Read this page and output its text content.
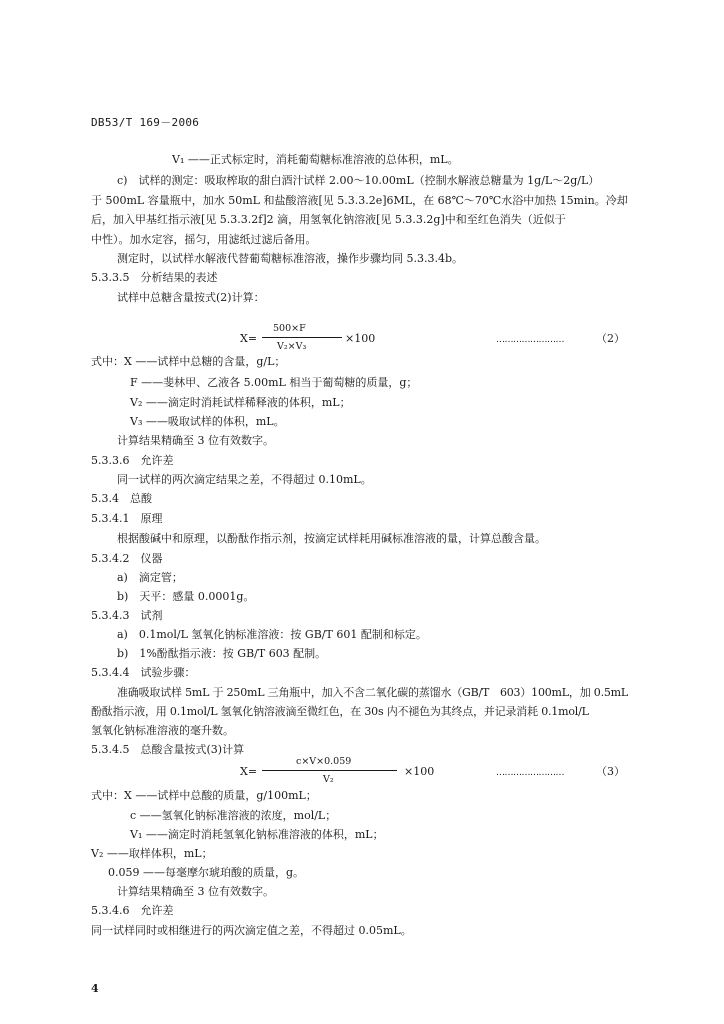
DB53/T 169－2006
V₁ ——正式标定时，消耗葡萄糖标准溶液的总体积，mL。
c)　试样的测定：吸取榨取的甜白酒汁试样 2.00～10.00mL（控制水解液总糖量为 1g/L～2g/L）
于 500mL 容量瓶中，加水 50mL 和盐酸溶液[见 5.3.3.2e]6ML，在 68℃～70℃水浴中加热 15min。冷却
后，加入甲基红指示液[见 5.3.3.2f]2 滴，用氢氧化钠溶液[见 5.3.3.2g]中和至红色消失（近似于
中性）。加水定容，摇匀，用滤纸过滤后备用。
测定时，以试样水解液代替葡萄糖标准溶液，操作步骤均同 5.3.3.4b。
5.3.3.5　分析结果的表述
试样中总糖含量按式(2)计算：
X=
500×F
V₂×V₃
×100	……………………	（2）
式中：X ——试样中总糖的含量，g/L；
F ——斐林甲、乙液各 5.00mL 相当于葡萄糖的质量，g；
V₂ ——滴定时消耗试样稀释液的体积，mL；
V₃ ——吸取试样的体积，mL。
计算结果精确至 3 位有效数字。
5.3.3.6　允许差
同一试样的两次滴定结果之差，不得超过 0.10mL。
5.3.4　总酸
5.3.4.1　原理
根据酸碱中和原理，以酚酞作指示剂，按滴定试样耗用碱标准溶液的量，计算总酸含量。
5.3.4.2　仪器
a)　滴定管；
b)　天平：感量 0.0001g。
5.3.4.3　试剂
a)　0.1mol/L 氢氧化钠标准溶液：按 GB/T 601 配制和标定。
b)　1%酚酞指示液：按 GB/T 603 配制。
5.3.4.4　试验步骤：
准确吸取试样 5mL 于 250mL 三角瓶中，加入不含二氧化碳的蒸馏水（GB/T　603）100mL，加 0.5mL
酚酞指示液，用 0.1mol/L 氢氧化钠溶液滴至微红色，在 30s 内不褪色为其终点，并记录消耗 0.1mol/L
氢氧化钠标准溶液的毫升数。
5.3.4.5　总酸含量按式(3)计算
X=
c×V×0.059
V₂
×100	……………………	（3）
式中：X ——试样中总酸的质量，g/100mL；
c ——氢氧化钠标准溶液的浓度，mol/L；
V₁ ——滴定时消耗氢氧化钠标准溶液的体积，mL；
V₂ ——取样体积，mL；
0.059 ——每毫摩尔琥珀酸的质量，g。
计算结果精确至 3 位有效数字。
5.3.4.6　允许差
同一试样同时或相继进行的两次滴定值之差，不得超过 0.05mL。
4
